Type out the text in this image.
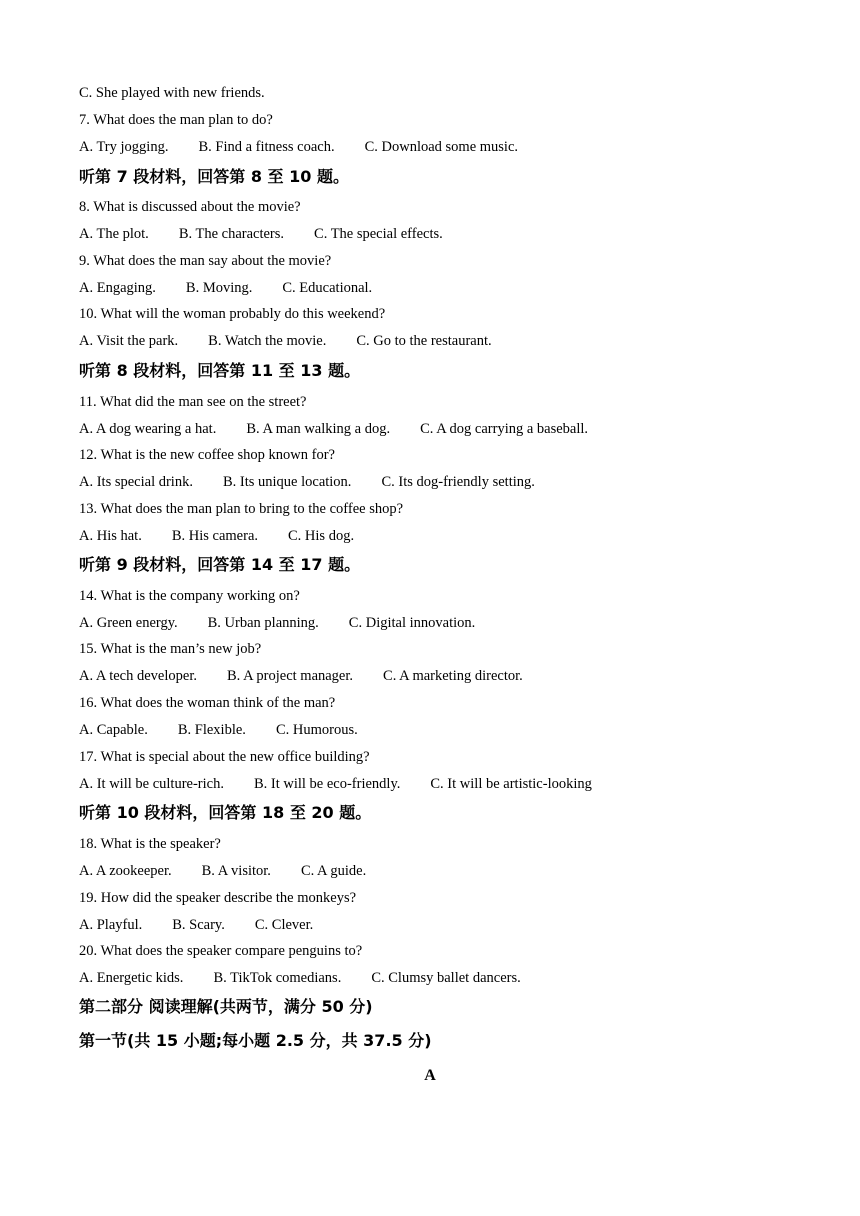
C. She played with new friends.
7. What does the man plan to do?
A. Try jogging. B. Find a fitness coach. C. Download some music.
听第 7 段材料，回答第 8 至 10 题。
8. What is discussed about the movie?
A. The plot. B. The characters. C. The special effects.
9. What does the man say about the movie?
A. Engaging. B. Moving. C. Educational.
10. What will the woman probably do this weekend?
A. Visit the park. B. Watch the movie. C. Go to the restaurant.
听第 8 段材料，回答第 11 至 13 题。
11. What did the man see on the street?
A. A dog wearing a hat. B. A man walking a dog. C. A dog carrying a baseball.
12. What is the new coffee shop known for?
A. Its special drink. B. Its unique location. C. Its dog-friendly setting.
13. What does the man plan to bring to the coffee shop?
A. His hat. B. His camera. C. His dog.
听第 9 段材料，回答第 14 至 17 题。
14. What is the company working on?
A. Green energy. B. Urban planning. C. Digital innovation.
15. What is the man’s new job?
A. A tech developer. B. A project manager. C. A marketing director.
16. What does the woman think of the man?
A. Capable. B. Flexible. C. Humorous.
17. What is special about the new office building?
A. It will be culture-rich. B. It will be eco-friendly. C. It will be artistic-looking
听第 10 段材料，回答第 18 至 20 题。
18. What is the speaker?
A. A zookeeper. B. A visitor. C. A guide.
19. How did the speaker describe the monkeys?
A. Playful. B. Scary. C. Clever.
20. What does the speaker compare penguins to?
A. Energetic kids. B. TikTok comedians. C. Clumsy ballet dancers.
第二部分 阅读理解(共两节，满分 50 分)
第一节(共 15 小题;每小题 2.5 分，共 37.5 分)
A
